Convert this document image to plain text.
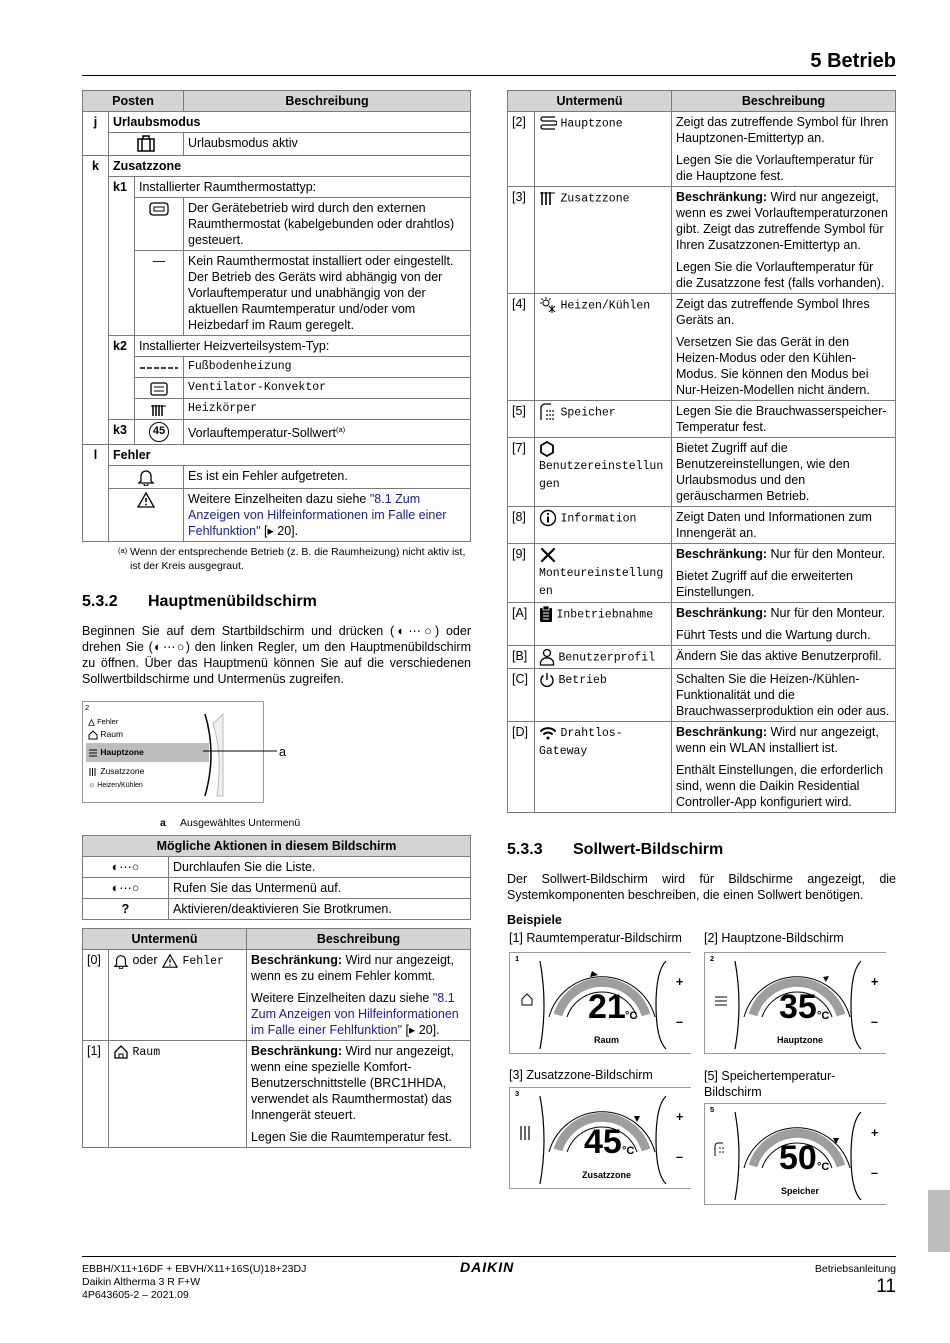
5 Betrieb
Posten			Beschreibung
j	Urlaubsmodus		
		Urlaubsmodus aktiv
k	Zusatzzone		
	k1	Installierter Raumthermostattyp:	
			Der Gerätebetrieb wird durch den externen Raumthermostat (kabelgebunden oder drahtlos) gesteuert.
		—	Kein Raumthermostat installiert oder eingestellt. Der Betrieb des Geräts wird abhängig von der Vorlauftemperatur und unabhängig von der aktuellen Raumtemperatur und/oder vom Heizbedarf im Raum geregelt.
	k2	Installierter Heizverteilsystem-Typ:	
			Fußbodenheizung
			Ventilator-Konvektor
			Heizkörper
	k3	45	Vorlauftemperatur-Sollwert$^{(a)}$
l	Fehler		
		Es ist ein Fehler aufgetreten.
		Weitere Einzelheiten dazu siehe "8.1 Zum Anzeigen von Hilfeinformationen im Falle einer Fehlfunktion" [▸ 20].
(a) Wenn der entsprechende Betrieb (z. B. die Raumheizung) nicht aktiv ist, ist der Kreis ausgegraut.
5.3.2 Hauptmenübildschirm

Beginnen Sie auf dem Startbildschirm und drücken (◐⋯○) oder drehen Sie (◐⋯○) den linken Regler, um den Hauptmenübildschirm zu öffnen. Über das Hauptmenü können Sie auf die verschiedenen Sollwertbildschirme und Untermenüs zugreifen.

2
Fehler
Raum
Hauptzone
Zusatzzone
☼ Heizen/Kühlen
a

a Ausgewähltes Untermenü

Mögliche Aktionen in diesem Bildschirm	
◐⋯○	Durchlaufen Sie die Liste.
◐⋯○	Rufen Sie das Untermenü auf.
?	Aktivieren/deaktivieren Sie Brotkrumen.
Untermenü		Beschreibung
[0]	oder Fehler	Beschränkung: Wird nur angezeigt, wenn es zu einem Fehler kommt.

Weitere Einzelheiten dazu siehe "8.1 Zum Anzeigen von Hilfeinformationen im Falle einer Fehlfunktion" [▸ 20].

[1]	Raum	Beschränkung: Wird nur angezeigt, wenn eine spezielle Komfort-Benutzerschnittstelle (BRC1HHDA, verwendet als Raumthermostat) das Innengerät steuert.

Legen Sie die Raumtemperatur fest.

Untermenü		Beschreibung
[2]	Hauptzone	Zeigt das zutreffende Symbol für Ihren Hauptzonen-Emittertyp an.

Legen Sie die Vorlauftemperatur für die Hauptzone fest.

[3]	Zusatzzone	Beschränkung: Wird nur angezeigt, wenn es zwei Vorlauftemperaturzonen gibt. Zeigt das zutreffende Symbol für Ihren Zusatzzonen-Emittertyp an.

Legen Sie die Vorlauftemperatur für die Zusatzzone fest (falls vorhanden).

[4]	Heizen/Kühlen	Zeigt das zutreffende Symbol Ihres Geräts an.

Versetzen Sie das Gerät in den Heizen-Modus oder den Kühlen-Modus. Sie können den Modus bei Nur-Heizen-Modellen nicht ändern.

[5]	Speicher	Legen Sie die Brauchwasserspeicher-Temperatur fest.

[7]	Benutzereinstellun gen	Bietet Zugriff auf die Benutzereinstellungen, wie den Urlaubsmodus und den geräuscharmen Betrieb.

[8]	Information	Zeigt Daten und Informationen zum Innengerät an.

[9]	Monteureinstellung en	Beschränkung: Nur für den Monteur.

Bietet Zugriff auf die erweiterten Einstellungen.

[A]	Inbetriebnahme	Beschränkung: Nur für den Monteur.

Führt Tests und die Wartung durch.

[B]	Benutzerprofil	Ändern Sie das aktive Benutzerprofil.

[C]	Betrieb	Schalten Sie die Heizen-/Kühlen-Funktionalität und die Brauchwasserproduktion ein oder aus.

[D]	Drahtlos-Gateway	Beschränkung: Wird nur angezeigt, wenn ein WLAN installiert ist.

Enthält Einstellungen, die erforderlich sind, wenn die Daikin Residential Controller-App konfiguriert wird.

5.3.3 Sollwert-Bildschirm

Der Sollwert-Bildschirm wird für Bildschirme angezeigt, die Systemkomponenten beschreiben, die einen Sollwert benötigen.

Beispiele

[1] Raumtemperatur-Bildschirm
1
21 °C
Raum
+
–
[2] Hauptzone-Bildschirm
2
35 °C
Hauptzone
+
–
[3] Zusatzzone-Bildschirm
3
45 °C
Zusatzzone
+
–
[5] Speichertemperatur-Bildschirm
5
50 °C
Speicher
+
–
EBBH/X11+16DF + EBVH/X11+16S(U)18+23DJ
Daikin Altherma 3 R F+W
4P643605-2 – 2021.09
DAIKIN	Betriebsanleitung
11
